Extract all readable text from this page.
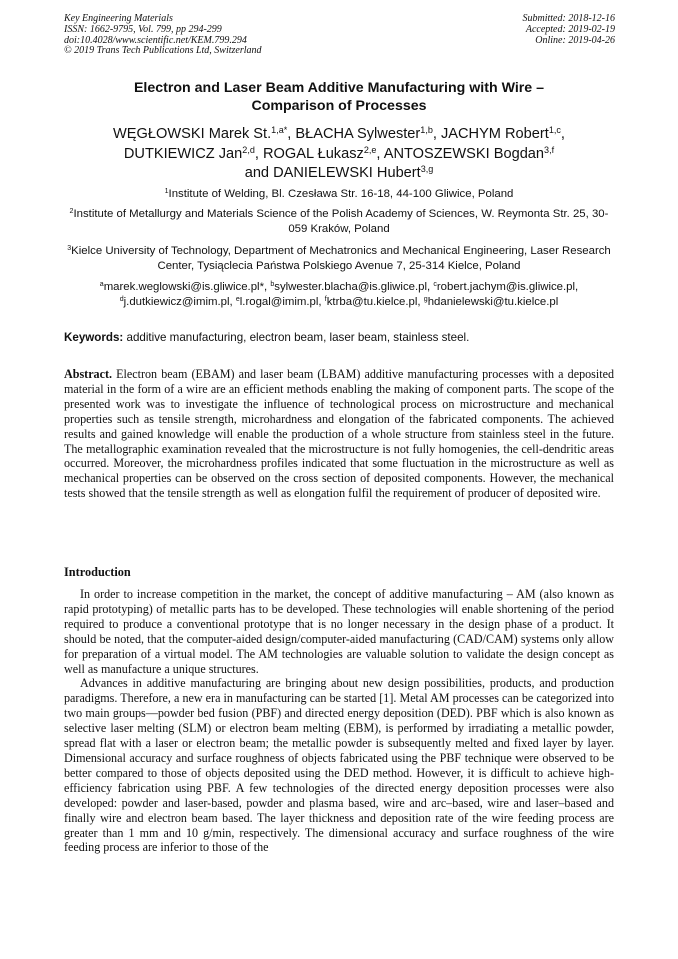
Key Engineering Materials
ISSN: 1662-9795, Vol. 799, pp 294-299
doi:10.4028/www.scientific.net/KEM.799.294
© 2019 Trans Tech Publications Ltd, Switzerland
Submitted: 2018-12-16
Accepted: 2019-02-19
Online: 2019-04-26
Electron and Laser Beam Additive Manufacturing with Wire –
Comparison of Processes
WĘGŁOWSKI Marek St.$^{1,a*}$, BŁACHA Sylwester$^{1,b}$, JACHYM Robert$^{1,c}$,
DUTKIEWICZ Jan$^{2,d}$, ROGAL Łukasz$^{2,e}$, ANTOSZEWSKI Bogdan$^{3,f}$
and DANIELEWSKI Hubert$^{3,g}$
$^1$Institute of Welding, Bl. Czesława Str. 16-18, 44-100 Gliwice, Poland
$^2$Institute of Metallurgy and Materials Science of the Polish Academy of Sciences, W. Reymonta Str. 25, 30-059 Kraków, Poland
$^3$Kielce University of Technology, Department of Mechatronics and Mechanical Engineering, Laser Research Center, Tysiąclecia Państwa Polskiego Avenue 7, 25-314 Kielce, Poland
$^a$marek.weglowski@is.gliwice.pl*, $^b$sylwester.blacha@is.gliwice.pl, $^c$robert.jachym@is.gliwice.pl,
$^d$j.dutkiewicz@imim.pl, $^e$l.rogal@imim.pl, $^f$ktrba@tu.kielce.pl, $^g$hdanielewski@tu.kielce.pl
Keywords: additive manufacturing, electron beam, laser beam, stainless steel.
Abstract. Electron beam (EBAM) and laser beam (LBAM) additive manufacturing processes with a deposited material in the form of a wire are an efficient methods enabling the making of component parts. The scope of the presented work was to investigate the influence of technological process on microstructure and mechanical properties such as tensile strength, microhardness and elongation of the fabricated components. The achieved results and gained knowledge will enable the production of a whole structure from stainless steel in the future. The metallographic examination revealed that the microstructure is not fully homogenies, the cell-dendritic areas occurred. Moreover, the microhardness profiles indicated that some fluctuation in the microstructure as well as mechanical properties can be observed on the cross section of deposited components. However, the mechanical tests showed that the tensile strength as well as elongation fulfil the requirement of producer of deposited wire.
Introduction

In order to increase competition in the market, the concept of additive manufacturing – AM (also known as rapid prototyping) of metallic parts has to be developed. These technologies will enable shortening of the period required to produce a conventional prototype that is no longer necessary in the design phase of a product. It should be noted, that the computer-aided design/computer-aided manufacturing (CAD/CAM) systems only allow for preparation of a virtual model. The AM technologies are valuable solution to validate the design concept as well as manufacture a unique structures.

Advances in additive manufacturing are bringing about new design possibilities, products, and production paradigms. Therefore, a new era in manufacturing can be started [1]. Metal AM processes can be categorized into two main groups—powder bed fusion (PBF) and directed energy deposition (DED). PBF which is also known as selective laser melting (SLM) or electron beam melting (EBM), is performed by irradiating a metallic powder, spread flat with a laser or electron beam; the metallic powder is subsequently melted and fixed layer by layer. Dimensional accuracy and surface roughness of objects fabricated using the PBF technique were observed to be better compared to those of objects deposited using the DED method. However, it is difficult to achieve high-efficiency fabrication using PBF. A few technologies of the directed energy deposition processes were also developed: powder and laser-based, powder and plasma based, wire and arc–based, wire and laser–based and finally wire and electron beam based. The layer thickness and deposition rate of the wire feeding process are greater than 1 mm and 10 g/min, respectively. The dimensional accuracy and surface roughness of the wire feeding process are inferior to those of the
